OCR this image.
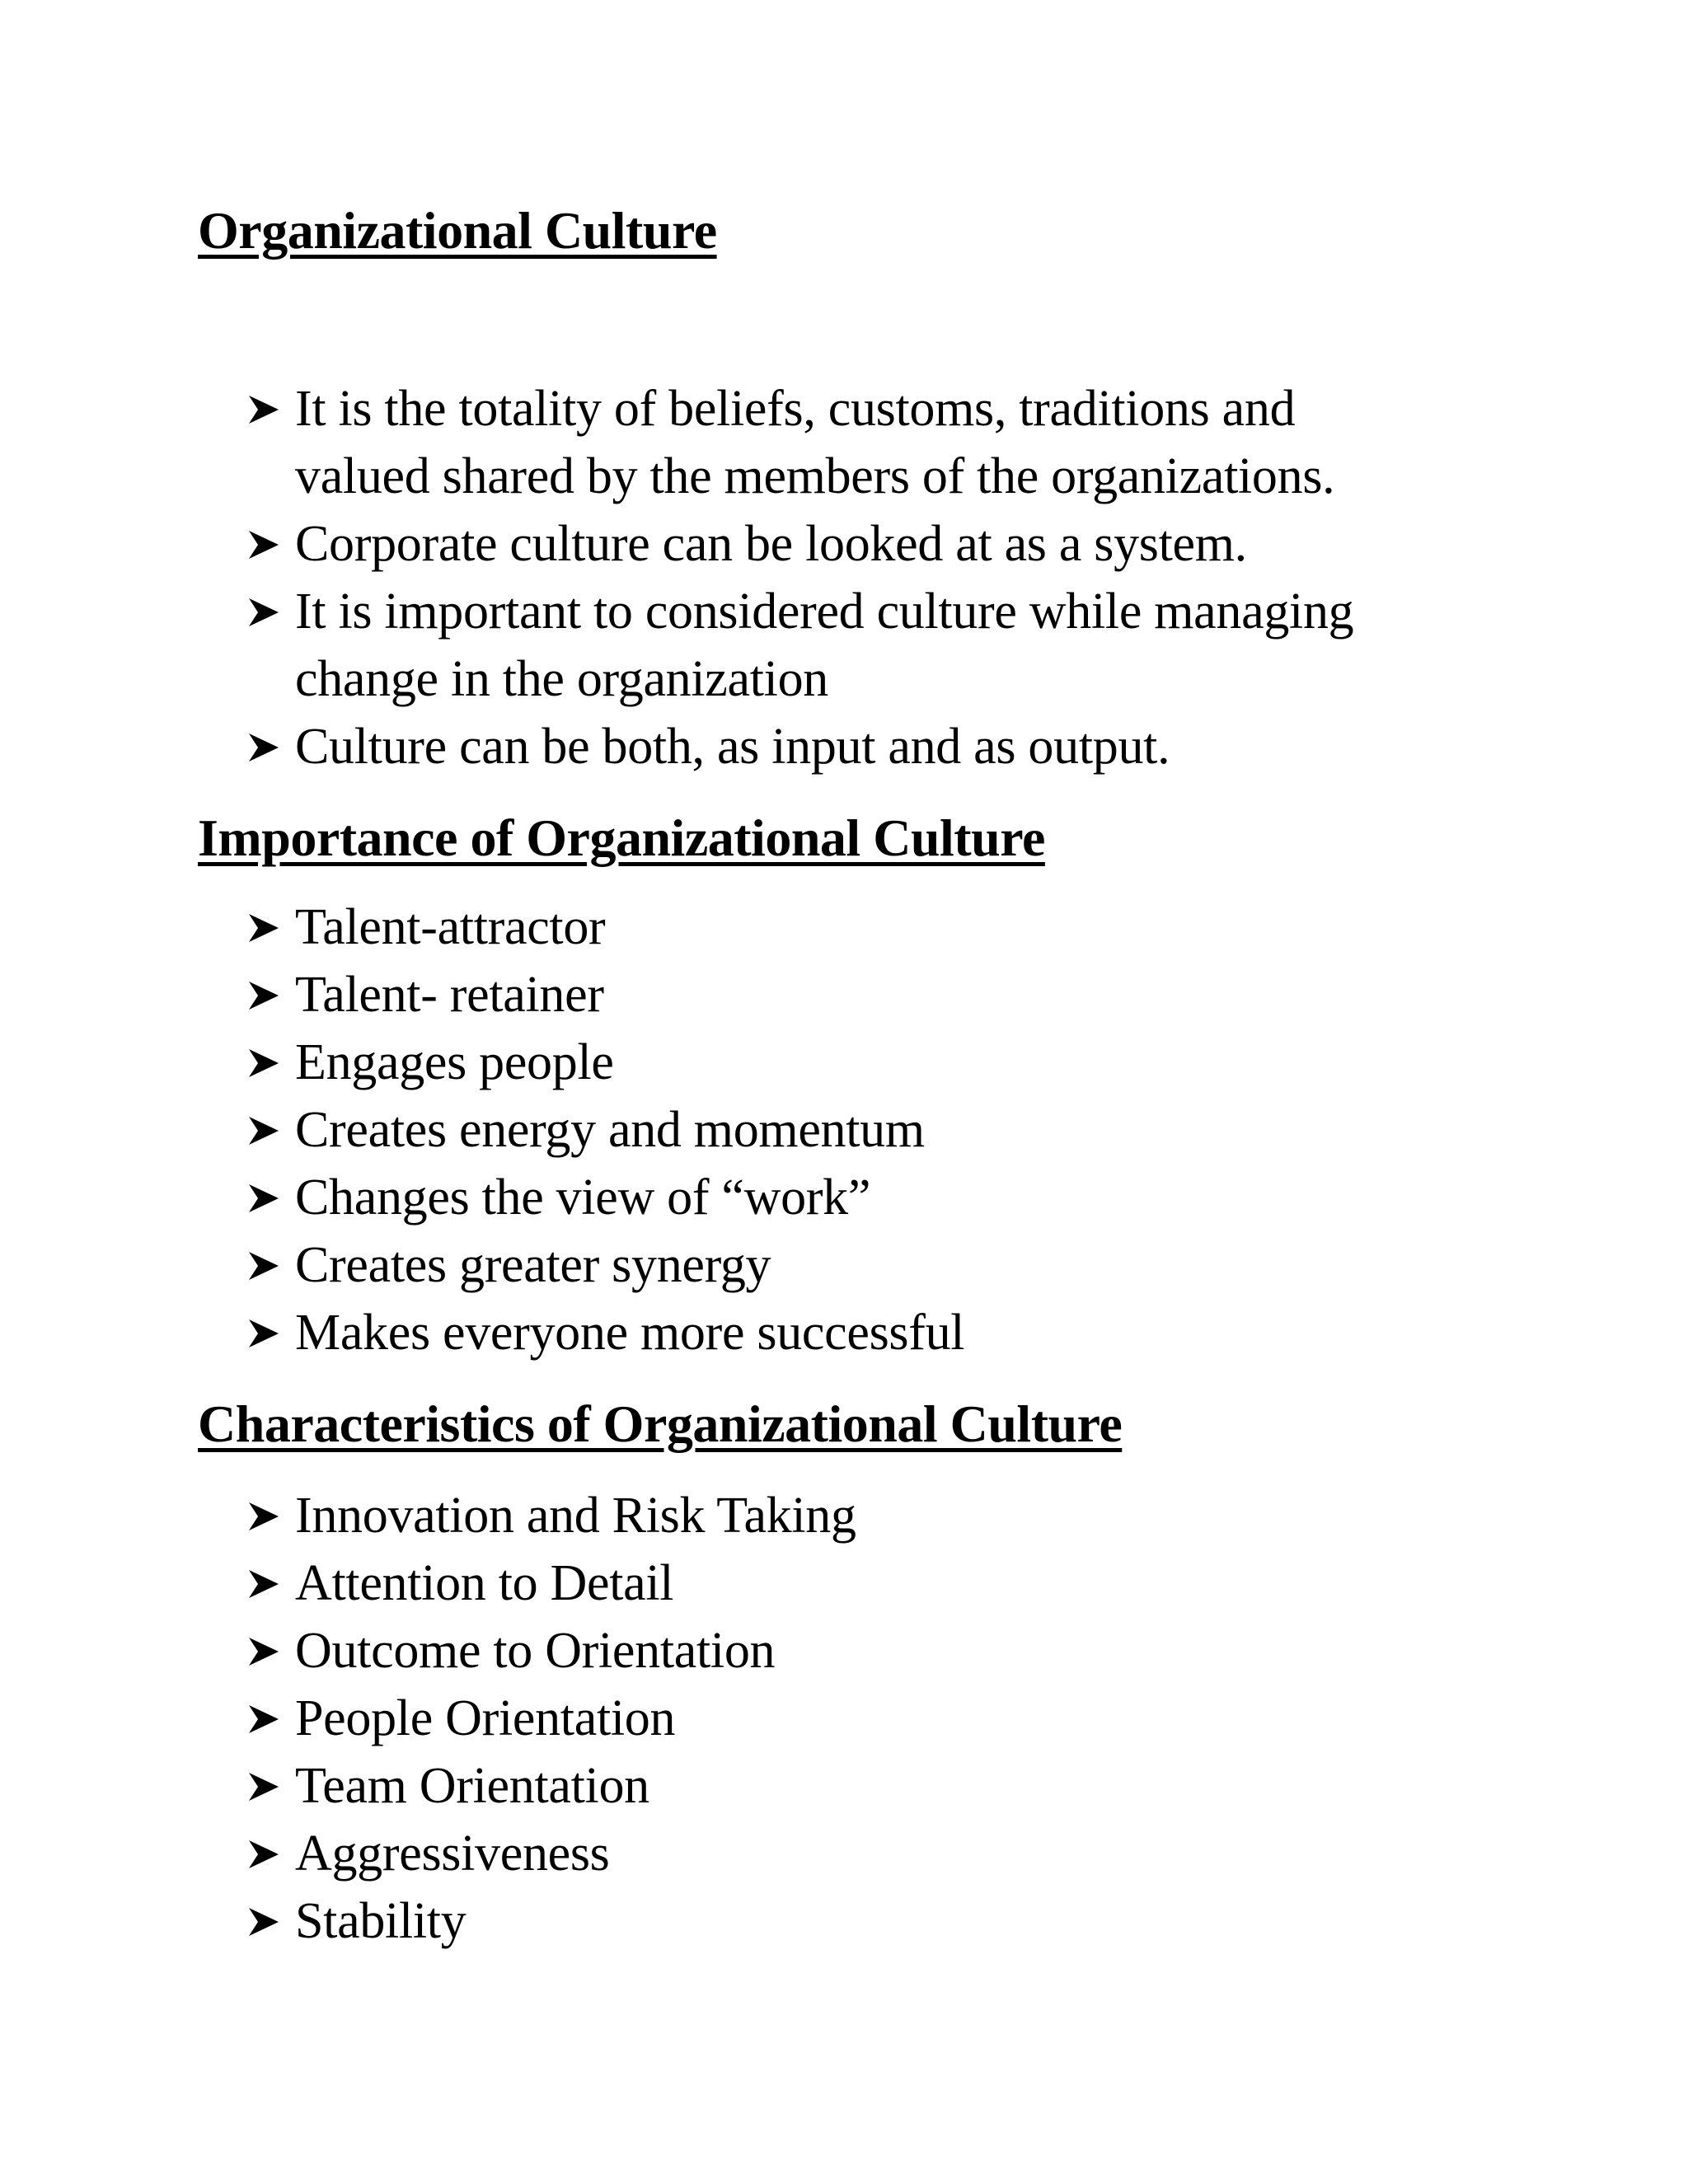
Organizational Culture
It is the totality of beliefs, customs, traditions and
valued shared by the members of the organizations.
Corporate culture can be looked at as a system.
It is important to considered culture while managing
change in the organization
Culture can be both, as input and as output.
Importance of Organizational Culture
Talent-attractor
Talent- retainer
Engages people
Creates energy and momentum
Changes the view of “work”
Creates greater synergy
Makes everyone more successful
Characteristics of Organizational Culture
Innovation and Risk Taking
Attention to Detail
Outcome to Orientation
People Orientation
Team Orientation
Aggressiveness
Stability
